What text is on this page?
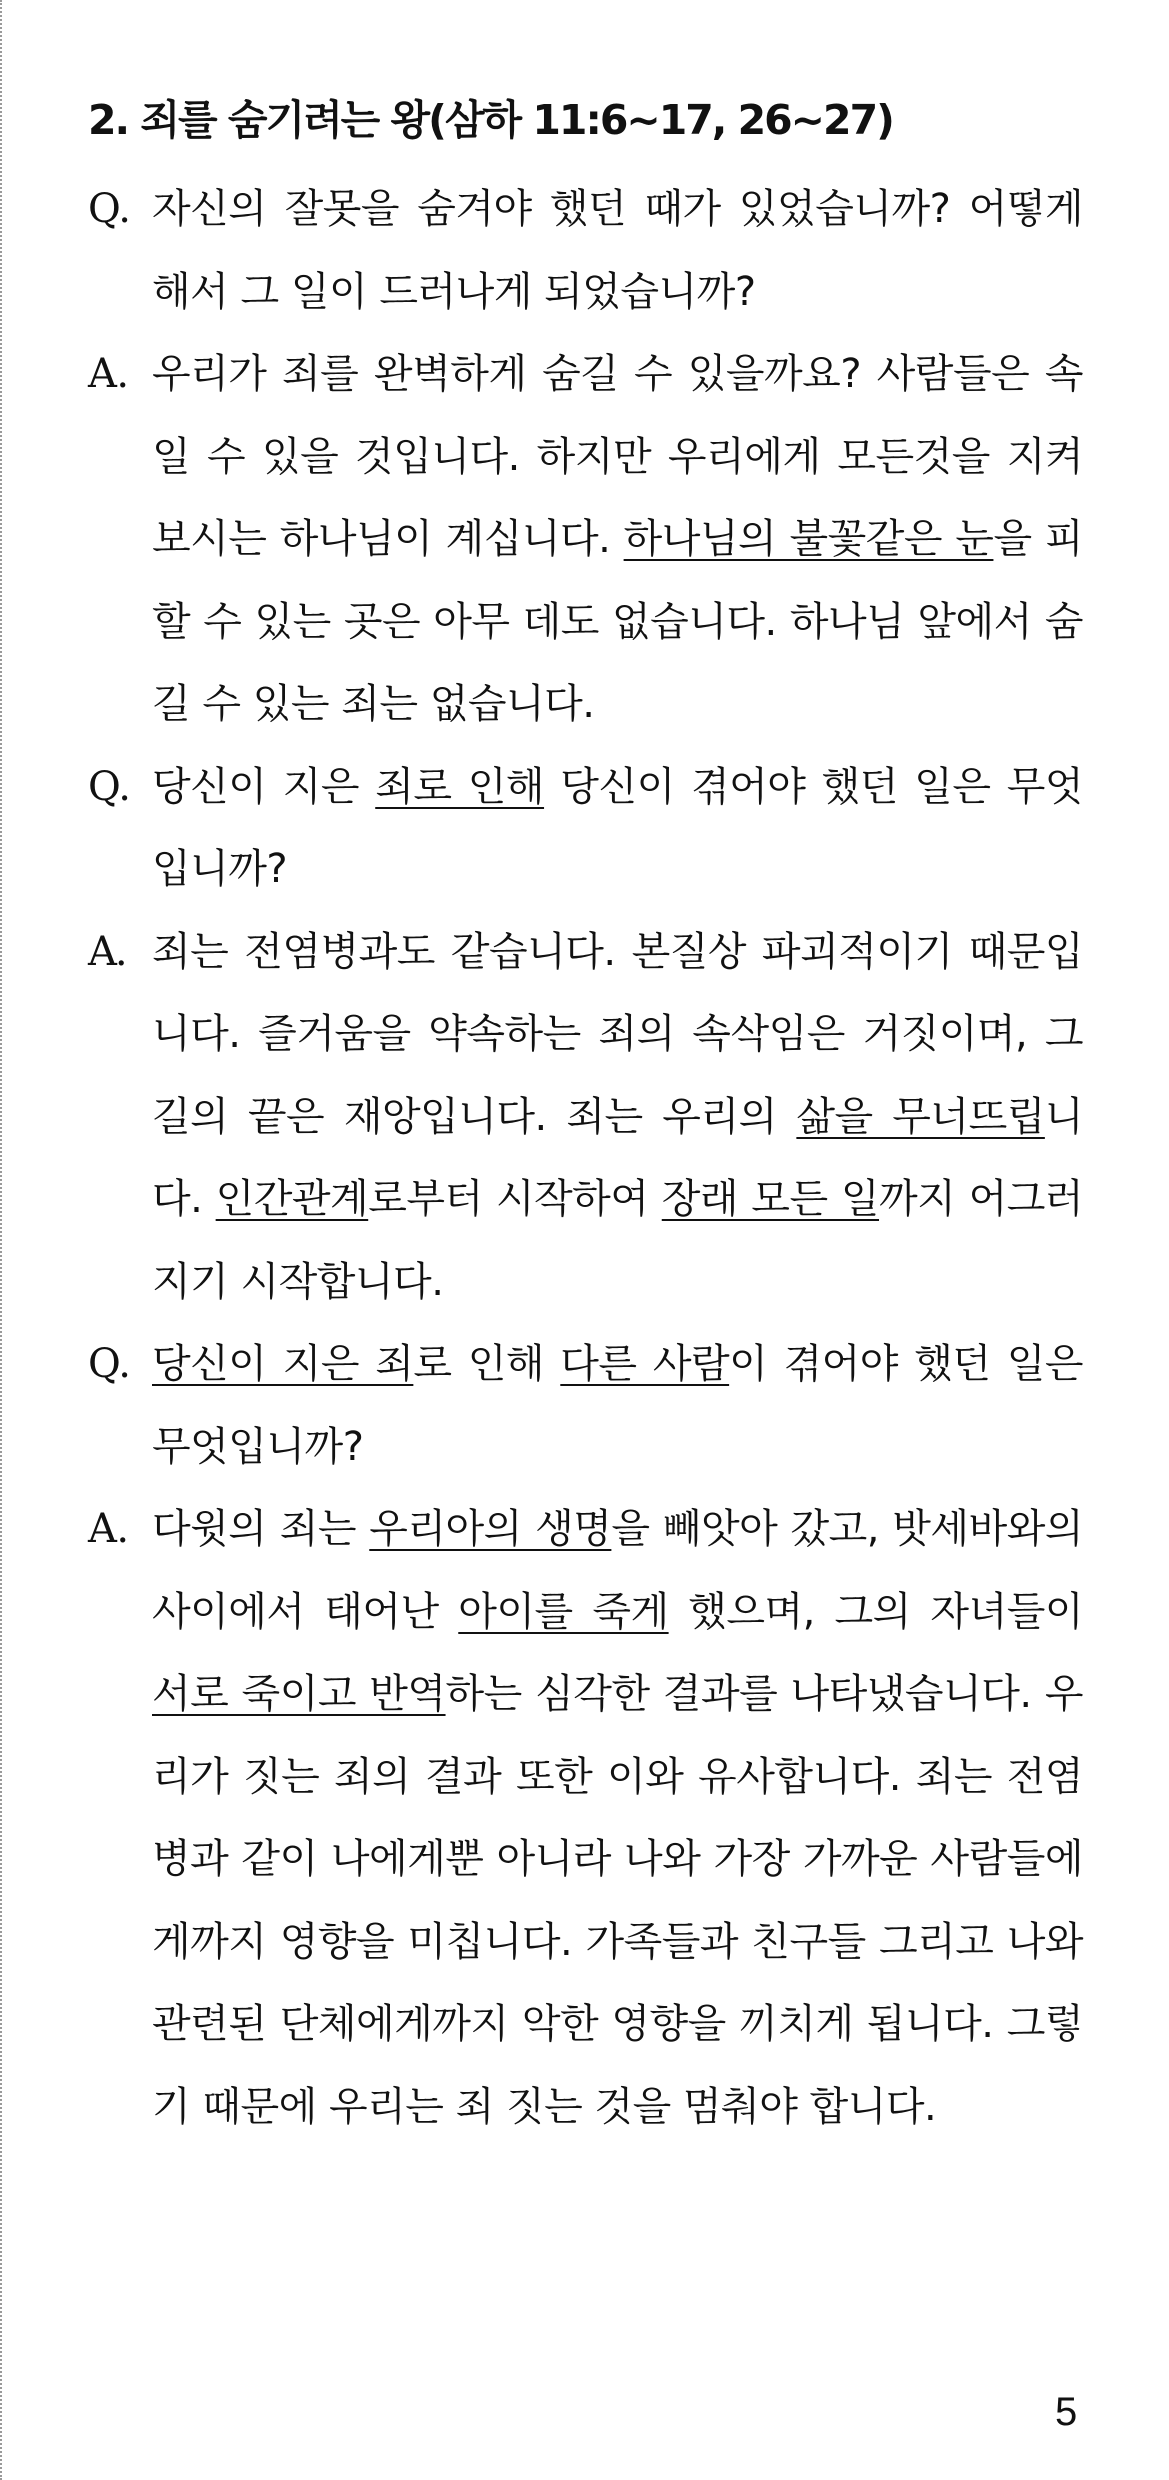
2. 죄를 숨기려는 왕(삼하 11:6~17, 26~27)

Q. 자신의 잘못을 숨겨야 했던 때가 있었습니까? 어떻게 해서 그 일이 드러나게 되었습니까?

A. 우리가 죄를 완벽하게 숨길 수 있을까요? 사람들은 속일 수 있을 것입니다. 하지만 우리에게 모든것을 지켜보시는 하나님이 계십니다. 하나님의 불꽃같은 눈을 피할 수 있는 곳은 아무 데도 없습니다. 하나님 앞에서 숨길 수 있는 죄는 없습니다.

Q. 당신이 지은 죄로 인해 당신이 겪어야 했던 일은 무엇입니까?

A. 죄는 전염병과도 같습니다. 본질상 파괴적이기 때문입니다. 즐거움을 약속하는 죄의 속삭임은 거짓이며, 그 길의 끝은 재앙입니다. 죄는 우리의 삶을 무너뜨립니다. 인간관계로부터 시작하여 장래 모든 일까지 어그러지기 시작합니다.

Q. 당신이 지은 죄로 인해 다른 사람이 겪어야 했던 일은 무엇입니까?

A. 다윗의 죄는 우리아의 생명을 빼앗아 갔고, 밧세바와의 사이에서 태어난 아이를 죽게 했으며, 그의 자녀들이 서로 죽이고 반역하는 심각한 결과를 나타냈습니다. 우리가 짓는 죄의 결과 또한 이와 유사합니다. 죄는 전염병과 같이 나에게뿐 아니라 나와 가장 가까운 사람들에게까지 영향을 미칩니다. 가족들과 친구들 그리고 나와 관련된 단체에게까지 악한 영향을 끼치게 됩니다. 그렇기 때문에 우리는 죄 짓는 것을 멈춰야 합니다.

5
